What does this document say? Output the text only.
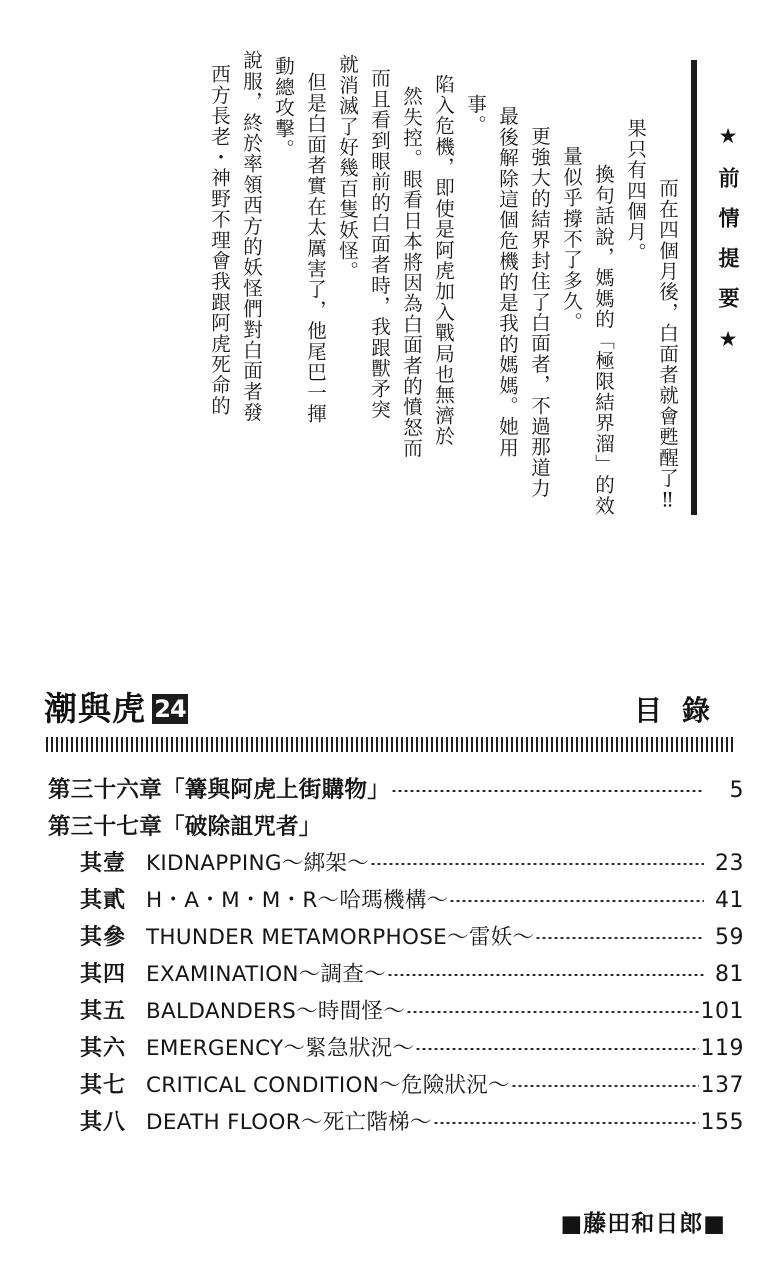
★前情提要★
西方長老・神野不理會我跟阿虎死命的 說服，終於率領西方的妖怪們對白面者發 動總攻擊。 但是白面者實在太厲害了，他尾巴一揮 就消滅了好幾百隻妖怪。 而且看到眼前的白面者時，我跟獸矛突 然失控。眼看日本將因為白面者的憤怒而 陷入危機，即使是阿虎加入戰局也無濟於 事。 最後解除這個危機的是我的媽媽。她用 更強大的結界封住了白面者，不過那道力 量似乎撐不了多久。 換句話說，媽媽的「極限結界溜」的效 果只有四個月。 而在四個月後，白面者就會甦醒了‼
潮與虎 24	目錄
第三十六章「篝與阿虎上街購物」	5
第三十七章「破除詛咒者」
其壹 KIDNAPPING〜綁架〜	23
其貳 H・A・M・M・R〜哈瑪機構〜	41
其參 THUNDER METAMORPHOSE〜雷妖〜	59
其四 EXAMINATION〜調查〜	81
其五 BALDANDERS〜時間怪〜	101
其六 EMERGENCY〜緊急狀況〜	119
其七 CRITICAL CONDITION〜危險狀況〜	137
其八 DEATH FLOOR〜死亡階梯〜	155
■藤田和日郎■
